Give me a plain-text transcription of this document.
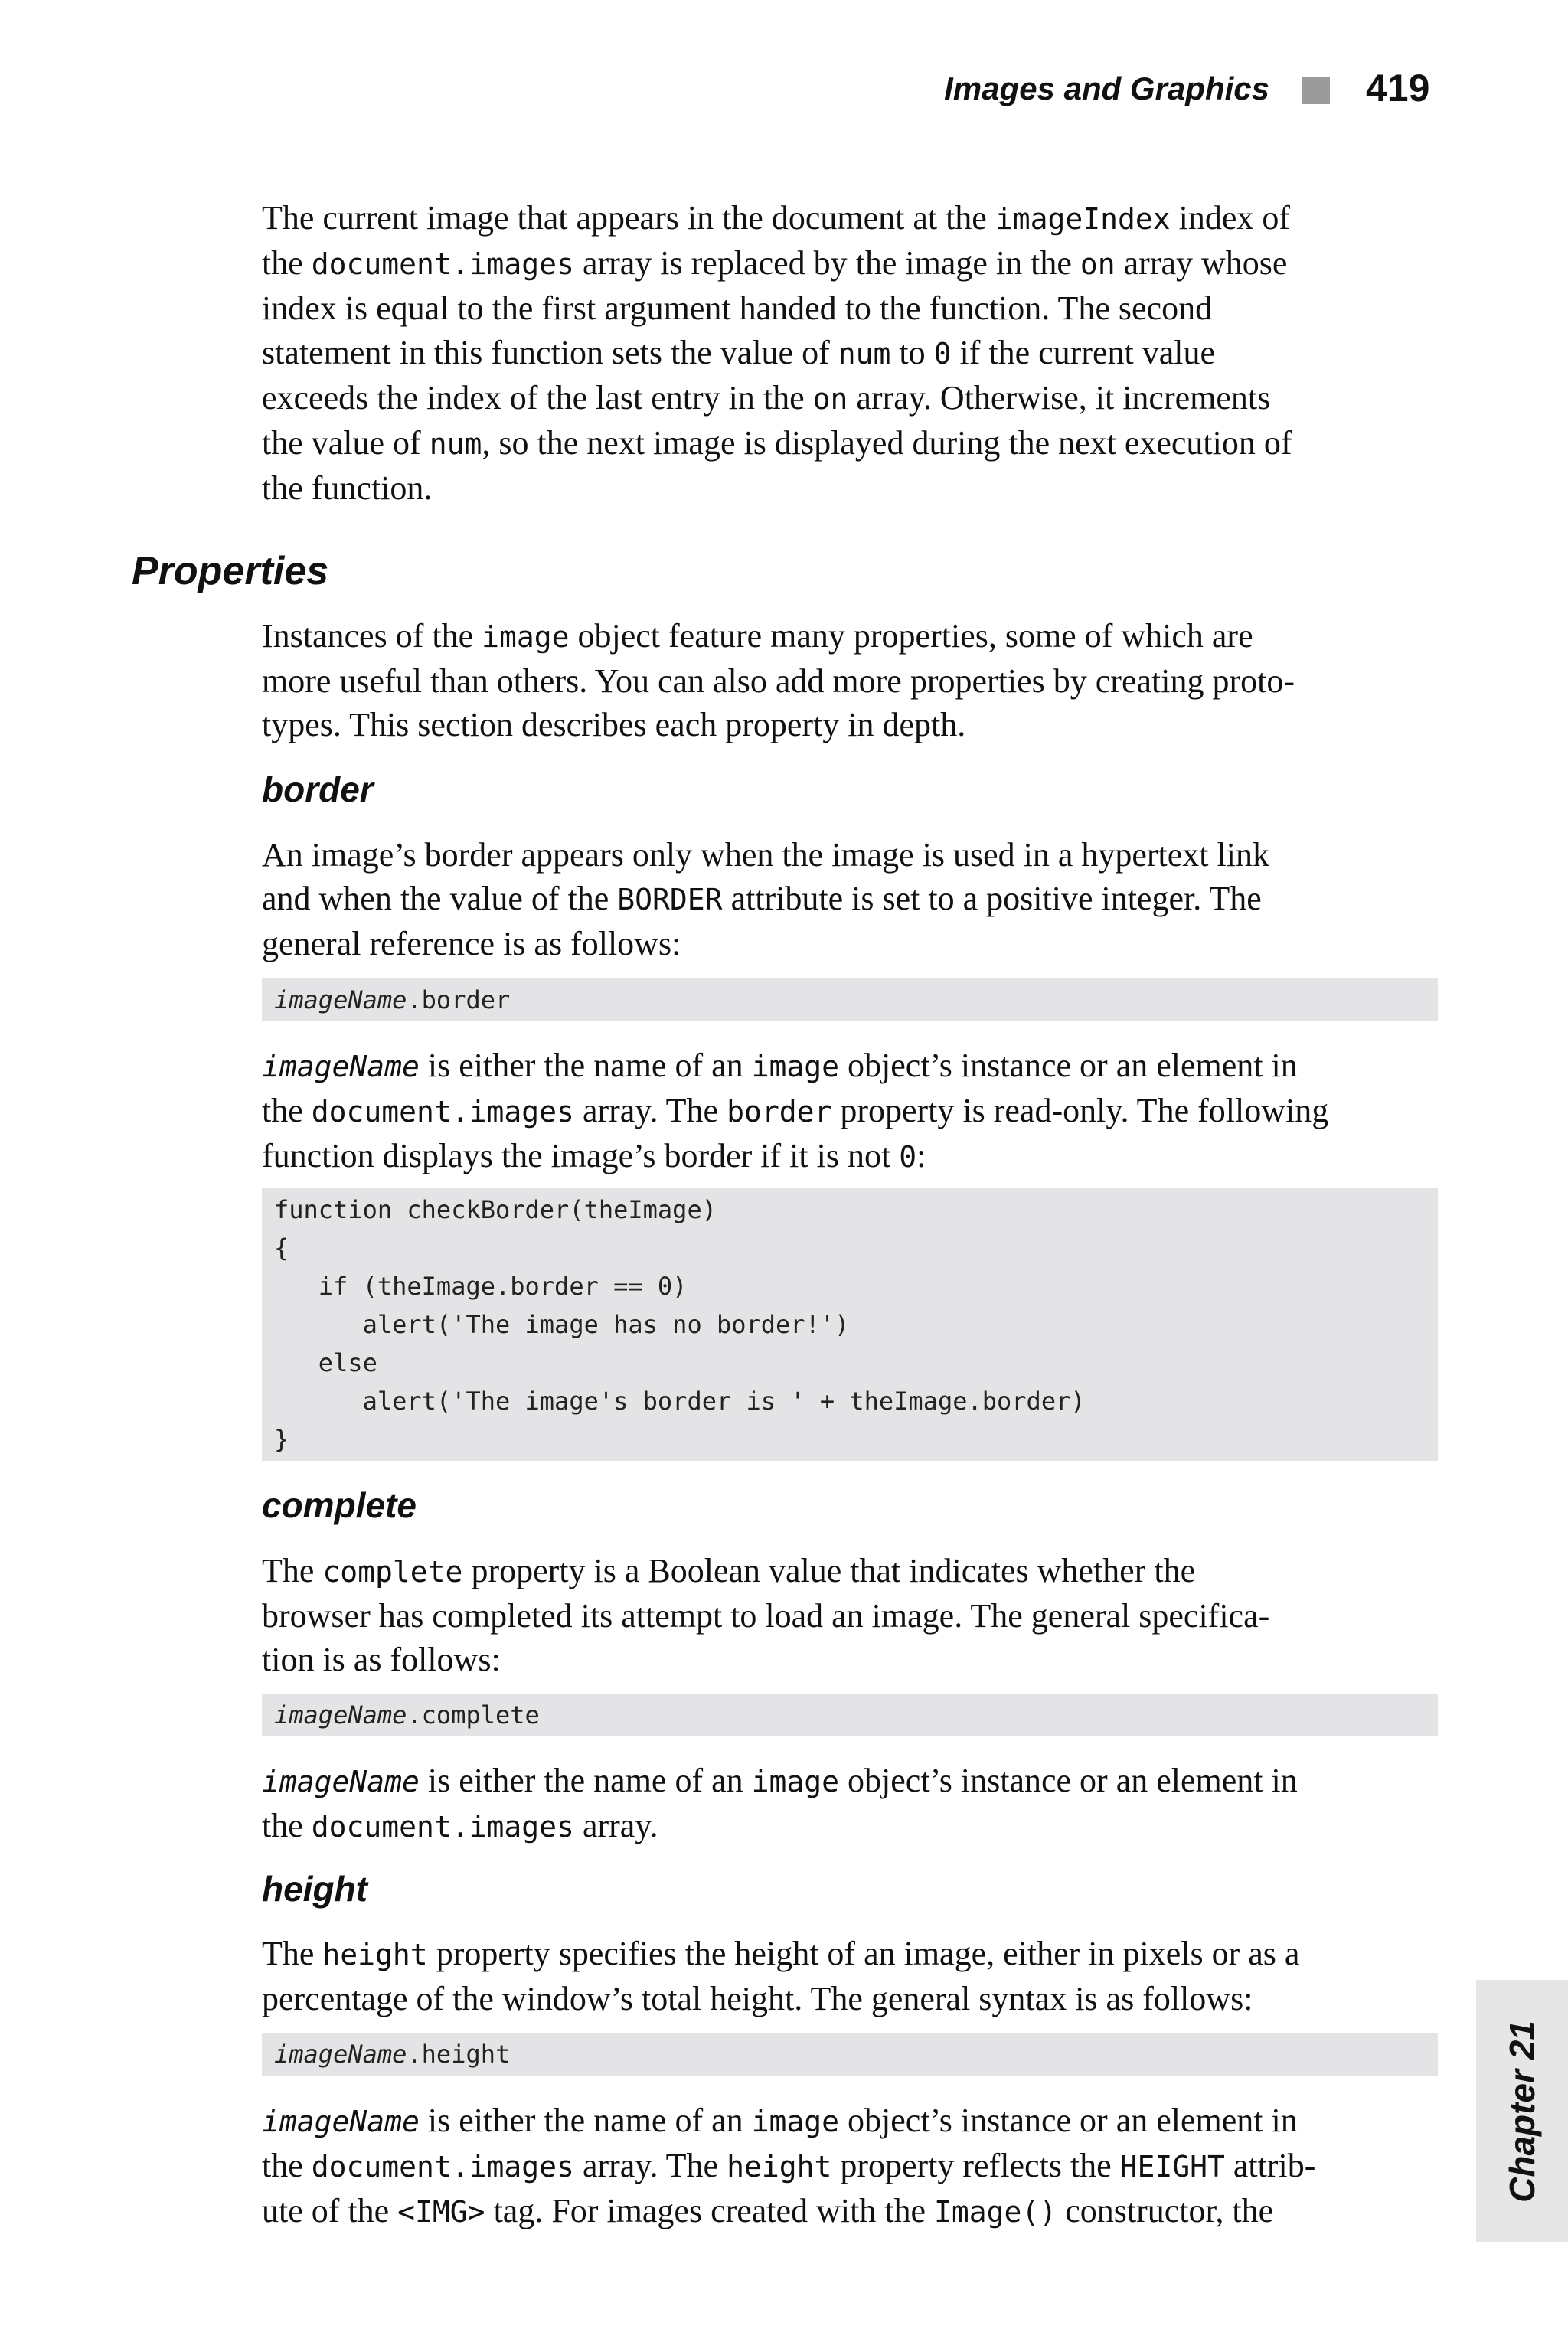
Images and Graphics	419

The current image that appears in the document at the imageIndex index of
the document.images array is replaced by the image in the on array whose
index is equal to the first argument handed to the function. The second
statement in this function sets the value of num to 0 if the current value
exceeds the index of the last entry in the on array. Otherwise, it increments
the value of num, so the next image is displayed during the next execution of
the function.

Properties

Instances of the image object feature many properties, some of which are
more useful than others. You can also add more properties by creating proto-
types. This section describes each property in depth.

border

An image’s border appears only when the image is used in a hypertext link
and when the value of the BORDER attribute is set to a positive integer. The
general reference is as follows:

imageName.border

imageName is either the name of an image object’s instance or an element in
the document.images array. The border property is read-only. The following
function displays the image’s border if it is not 0:

function checkBorder(theImage)
{
if (theImage.border == 0)
alert('The image has no border!')
else
alert('The image's border is ' + theImage.border)
}
complete

The complete property is a Boolean value that indicates whether the
browser has completed its attempt to load an image. The general specifica-
tion is as follows:

imageName.complete

imageName is either the name of an image object’s instance or an element in
the document.images array.

height

The height property specifies the height of an image, either in pixels or as a
percentage of the window’s total height. The general syntax is as follows:

imageName.height

imageName is either the name of an image object’s instance or an element in
the document.images array. The height property reflects the HEIGHT attrib-
ute of the <IMG> tag. For images created with the Image() constructor, the

Chapter 21
